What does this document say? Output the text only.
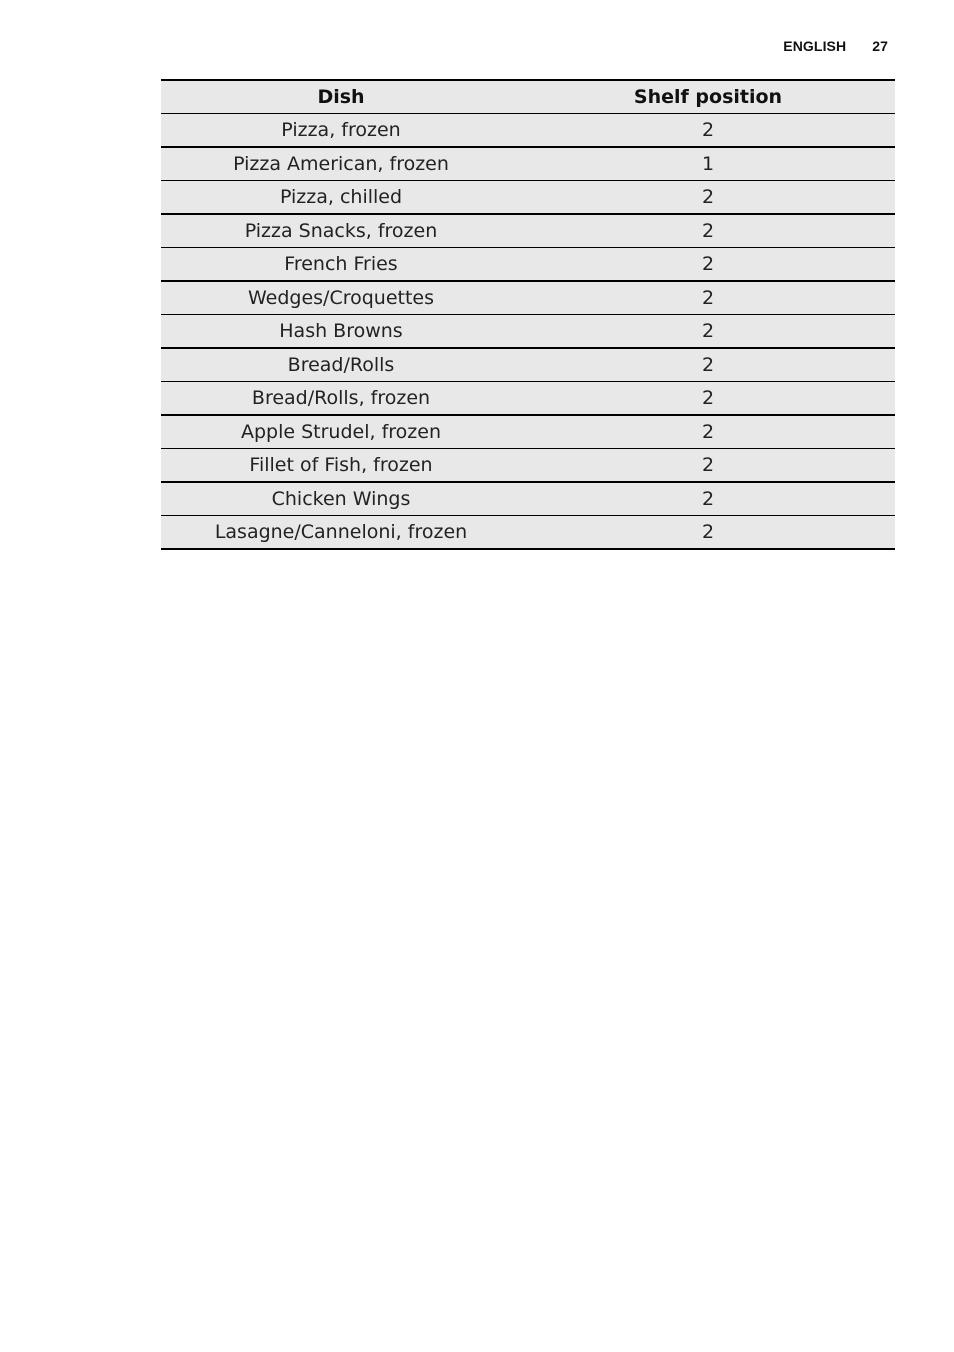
ENGLISH 27
Dish	Shelf position
Pizza, frozen	2
Pizza American, frozen	1
Pizza, chilled	2
Pizza Snacks, frozen	2
French Fries	2
Wedges/Croquettes	2
Hash Browns	2
Bread/Rolls	2
Bread/Rolls, frozen	2
Apple Strudel, frozen	2
Fillet of Fish, frozen	2
Chicken Wings	2
Lasagne/Canneloni, frozen	2
